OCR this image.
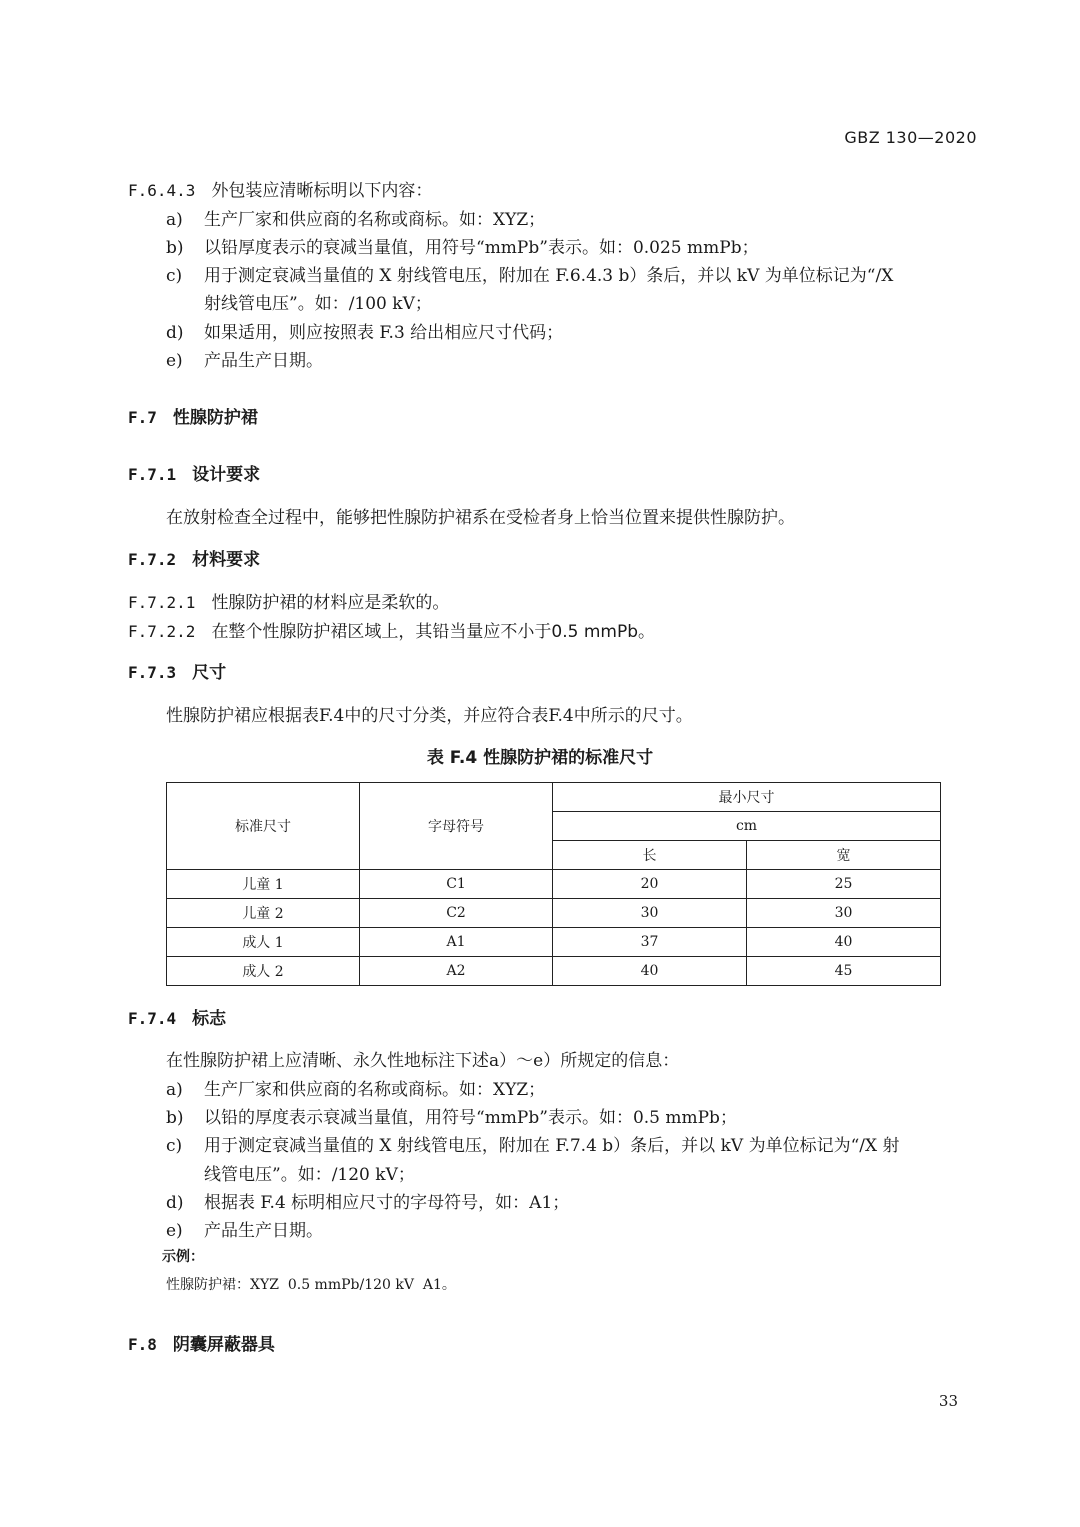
GBZ 130—2020
F.6.4.3 外包装应清晰标明以下内容：
a) 生产厂家和供应商的名称或商标。如：XYZ；
b) 以铅厚度表示的衰减当量值，用符号“mmPb”表示。如：0.025 mmPb；
c) 用于测定衰减当量值的 X 射线管电压，附加在 F.6.4.3 b）条后，并以 kV 为单位标记为“/X
射线管电压”。如：/100 kV；
d) 如果适用，则应按照表 F.3 给出相应尺寸代码；
e) 产品生产日期。
F.7 性腺防护裙
F.7.1 设计要求
在放射检查全过程中，能够把性腺防护裙系在受检者身上恰当位置来提供性腺防护。
F.7.2 材料要求
F.7.2.1 性腺防护裙的材料应是柔软的。
F.7.2.2 在整个性腺防护裙区域上，其铅当量应不小于0.5 mmPb。
F.7.3 尺寸
性腺防护裙应根据表F.4中的尺寸分类，并应符合表F.4中所示的尺寸。
表 F.4 性腺防护裙的标准尺寸
标准尺寸	字母符号	最小尺寸	
		cm	
		长	宽
儿童 1	C1	20	25
儿童 2	C2	30	30
成人 1	A1	37	40
成人 2	A2	40	45
F.7.4 标志
在性腺防护裙上应清晰、永久性地标注下述a）～e）所规定的信息：
a) 生产厂家和供应商的名称或商标。如：XYZ；
b) 以铅的厚度表示衰减当量值，用符号“mmPb”表示。如：0.5 mmPb；
c) 用于测定衰减当量值的 X 射线管电压，附加在 F.7.4 b）条后，并以 kV 为单位标记为“/X 射
线管电压”。如：/120 kV；
d) 根据表 F.4 标明相应尺寸的字母符号，如：A1；
e) 产品生产日期。
示例：
性腺防护裙：XYZ  0.5 mmPb/120 kV  A1。
F.8 阴囊屏蔽器具
33
